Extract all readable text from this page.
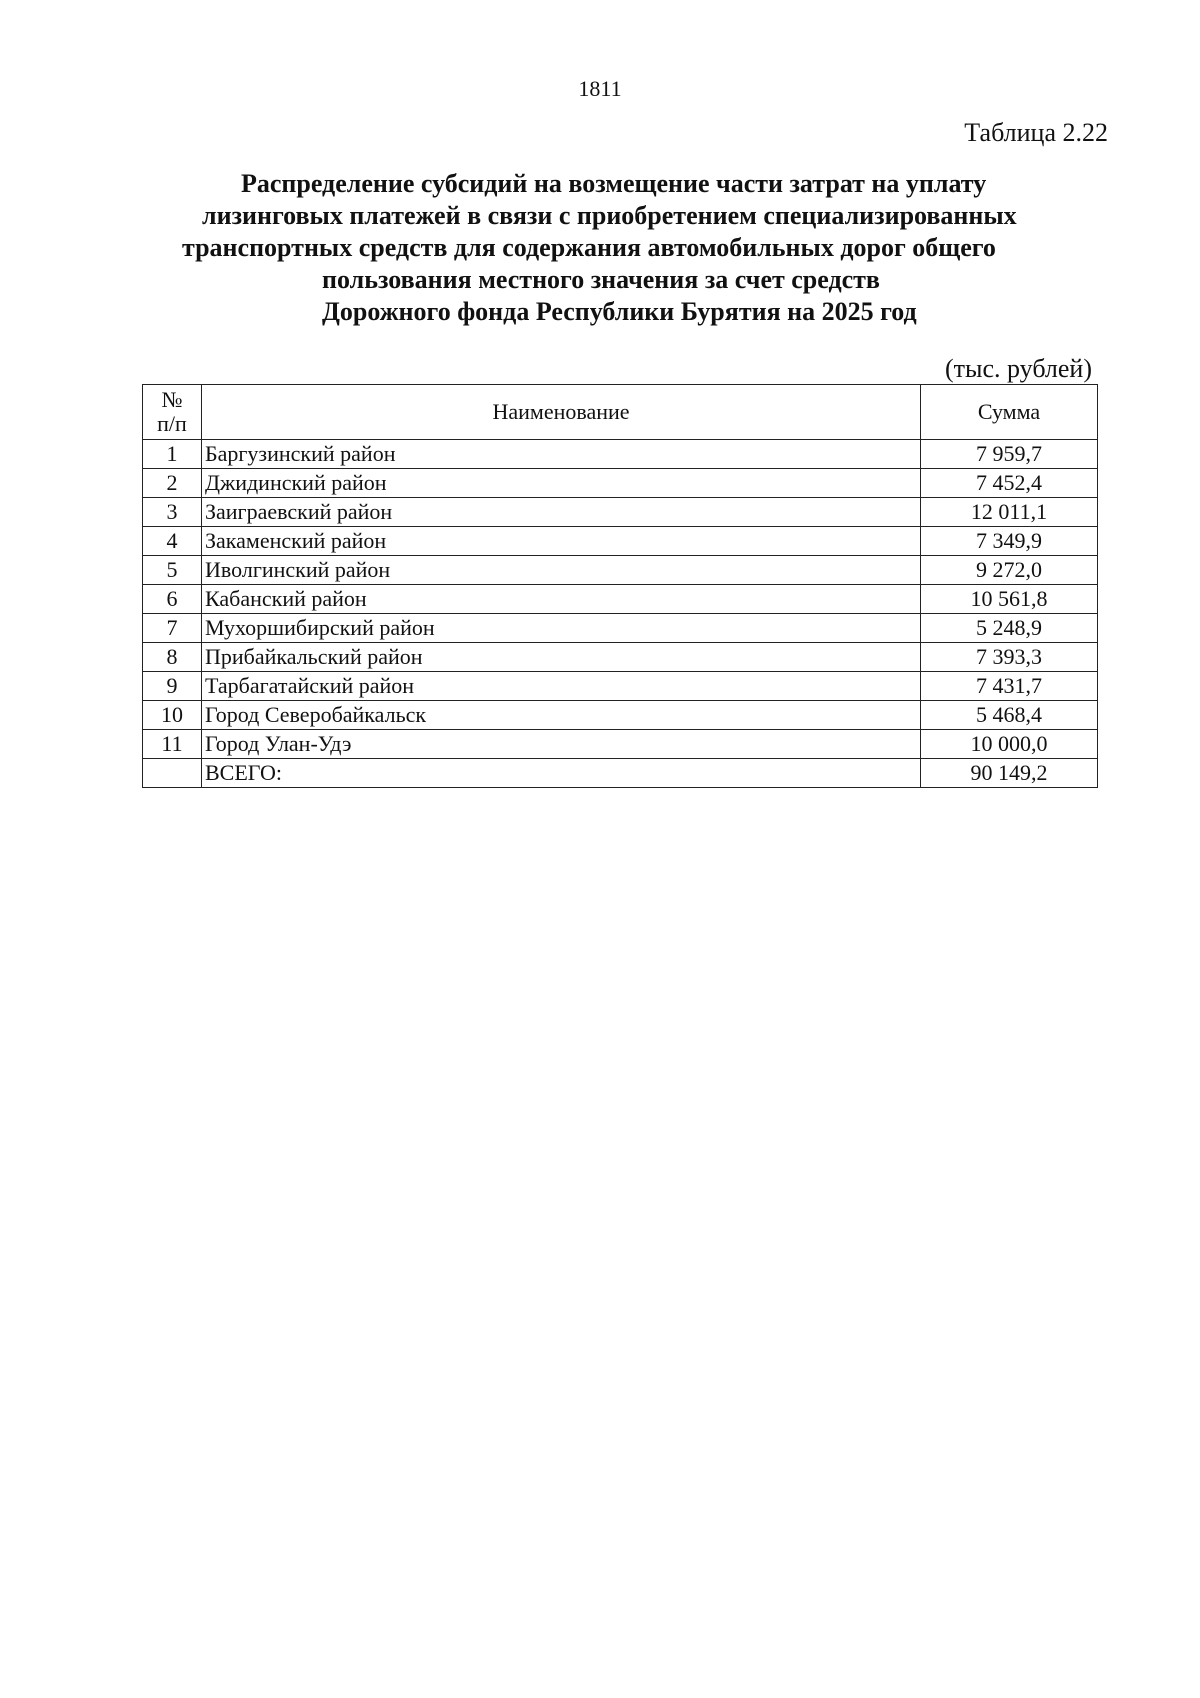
1811
Таблица 2.22
Распределение субсидий на возмещение части затрат на уплату
лизинговых платежей в связи с приобретением специализированных
транспортных средств для содержания автомобильных дорог общего
пользования местного значения за счет средств
Дорожного фонда Республики Бурятия на 2025 год
(тыс. рублей)
№
п/п	Наименование	Сумма
1	Баргузинский район	7 959,7
2	Джидинский район	7 452,4
3	Заиграевский район	12 011,1
4	Закаменский район	7 349,9
5	Иволгинский район	9 272,0
6	Кабанский район	10 561,8
7	Мухоршибирский район	5 248,9
8	Прибайкальский район	7 393,3
9	Тарбагатайский район	7 431,7
10	Город Северобайкальск	5 468,4
11	Город Улан-Удэ	10 000,0
	ВСЕГО:	90 149,2
